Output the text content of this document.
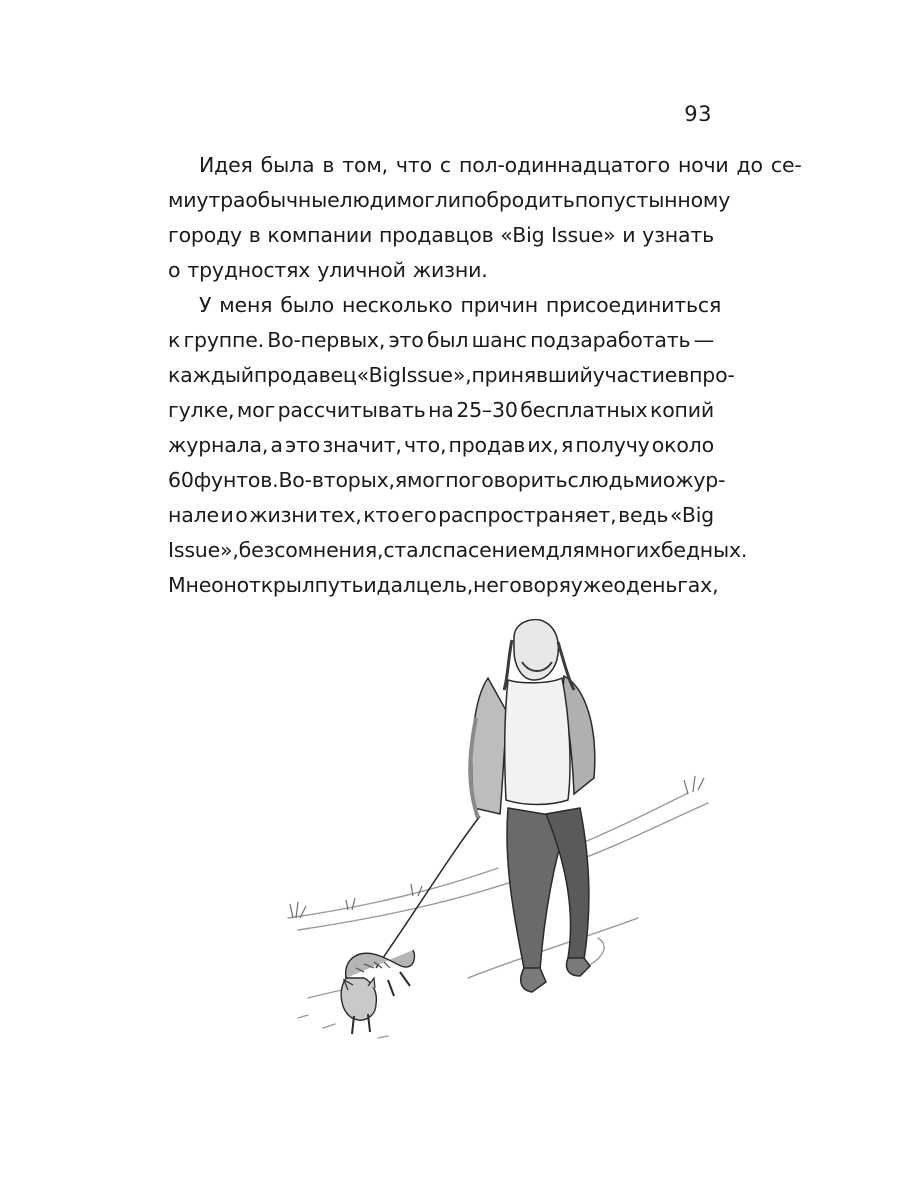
93
Идея была в том, что с пол-одиннадцатого ночи до се-
ми утра обычные люди могли побродить по пустынному
городу в компании продавцов «Big Issue» и узнать
о трудностях уличной жизни.
У меня было несколько причин присоединиться
к группе. Во-первых, это был шанс подзаработать —
каждый продавец «Big Issue», принявший участие в про-
гулке, мог рассчитывать на 25–30 бесплатных копий
журнала, а это значит, что, продав их, я получу около
60 фунтов. Во-вторых, я мог поговорить с людьми о жур-
нале и о жизни тех, кто его распространяет, ведь «Big
Issue», без сомнения, стал спасением для многих бедных.
Мне он открыл путь и дал цель, не говоря уже о деньгах,
